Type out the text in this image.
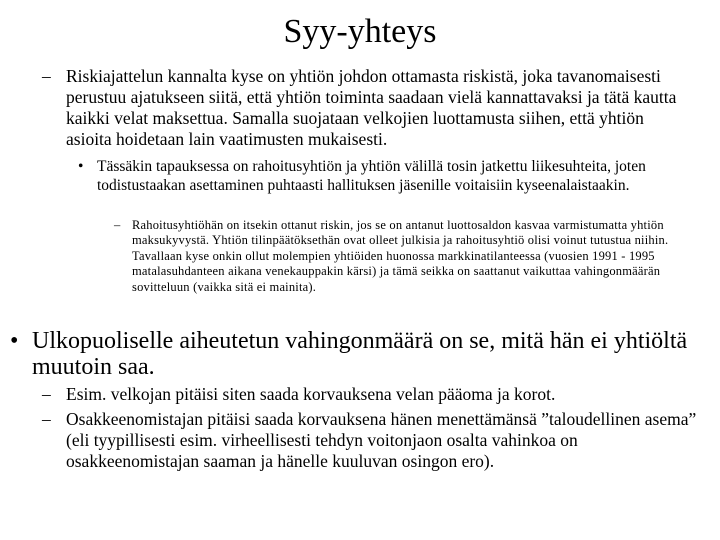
Syy-yhteys
– Riskiajattelun kannalta kyse on yhtiön johdon ottamasta riskistä, joka tavanomaisesti perustuu ajatukseen siitä, että yhtiön toiminta saadaan vielä kannattavaksi ja tätä kautta kaikki velat maksettua. Samalla suojataan velkojien luottamusta siihen, että yhtiön asioita hoidetaan lain vaatimusten mukaisesti.
• Tässäkin tapauksessa on rahoitusyhtiön ja yhtiön välillä tosin jatkettu liikesuhteita, joten todistustaakan asettaminen puhtaasti hallituksen jäsenille voitaisiin kyseenalaistaakin.
– Rahoitusyhtiöhän on itsekin ottanut riskin, jos se on antanut luottosaldon kasvaa varmistumatta yhtiön maksukyvystä. Yhtiön tilinpäätöksethän ovat olleet julkisia ja rahoitusyhtiö olisi voinut tutustua niihin. Tavallaan kyse onkin ollut molempien yhtiöiden huonossa markkinatilanteessa (vuosien 1991 - 1995 matalasuhdanteen aikana venekauppakin kärsi) ja tämä seikka on saattanut vaikuttaa vahingonmäärän sovitteluun (vaikka sitä ei mainita).
• Ulkopuoliselle aiheutetun vahingonmäärä on se, mitä hän ei yhtiöltä muutoin saa.
– Esim. velkojan pitäisi siten saada korvauksena velan pääoma ja korot.
– Osakkeenomistajan pitäisi saada korvauksena hänen menettämänsä ”taloudellinen asema” (eli tyypillisesti esim. virheellisesti tehdyn voitonjaon osalta vahinkoa on osakkeenomistajan saaman ja hänelle kuuluvan osingon ero).
